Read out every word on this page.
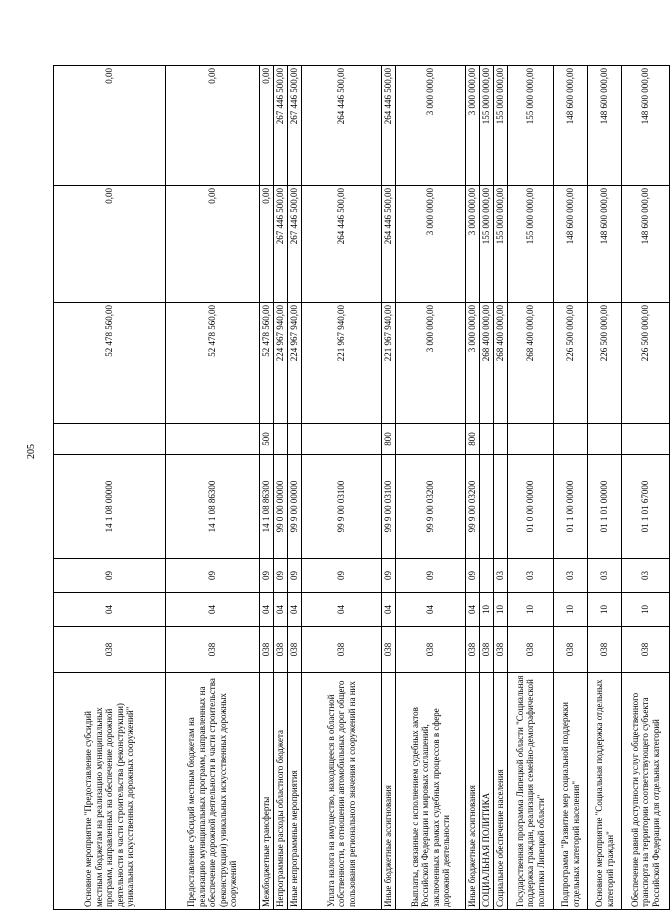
205
Основное мероприятие "Предоставление субсидий местным бюджетам на реализацию муниципальных программ, направленных на обеспечение дорожной деятельности в части строительства (реконструкции) уникальных искусственных дорожных сооружений"	038	04	09	14 1 08 00000		52 478 560,00	0,00	0,00
Предоставление субсидий местным бюджетам на реализацию муниципальных программ, направленных на обеспечение дорожной деятельности в части строительства (реконструкции) уникальных искусственных дорожных сооружений	038	04	09	14 1 08 86300		52 478 560,00	0,00	0,00
Межбюджетные трансферты	038	04	09	14 1 08 86300	500	52 478 560,00	0,00	0,00
Непрограммные расходы областного бюджета	038	04	09	99 0 00 00000		224 967 940,00	267 446 500,00	267 446 500,00
Иные непрограммные мероприятия	038	04	09	99 9 00 00000		224 967 940,00	267 446 500,00	267 446 500,00
Уплата налога на имущество, находящееся в областной собственности, в отношении автомобильных дорог общего пользования регионального значения и сооружений на них	038	04	09	99 9 00 03100		221 967 940,00	264 446 500,00	264 446 500,00
Иные бюджетные ассигнования	038	04	09	99 9 00 03100	800	221 967 940,00	264 446 500,00	264 446 500,00
Выплаты, связанные с исполнением судебных актов Российской Федерации и мировых соглашений, заключенных в рамках судебных процессов в сфере дорожной деятельности	038	04	09	99 9 00 03200		3 000 000,00	3 000 000,00	3 000 000,00
Иные бюджетные ассигнования	038	04	09	99 9 00 03200	800	3 000 000,00	3 000 000,00	3 000 000,00
СОЦИАЛЬНАЯ ПОЛИТИКА	038	10				268 400 000,00	155 000 000,00	155 000 000,00
Социальное обеспечение населения	038	10	03			268 400 000,00	155 000 000,00	155 000 000,00
Государственная программа Липецкой области "Социальная поддержка граждан, реализация семейно-демографической политики Липецкой области"	038	10	03	01 0 00 00000		268 400 000,00	155 000 000,00	155 000 000,00
Подпрограмма "Развитие мер социальной поддержки отдельных категорий населения"	038	10	03	01 1 00 00000		226 500 000,00	148 600 000,00	148 600 000,00
Основное мероприятие "Социальная поддержка отдельных категорий граждан"	038	10	03	01 1 01 00000		226 500 000,00	148 600 000,00	148 600 000,00
Обеспечение равной доступности услуг общественного транспорта на территории соответствующего субъекта Российской Федерации для отдельных категорий	038	10	03	01 1 01 67000		226 500 000,00	148 600 000,00	148 600 000,00
